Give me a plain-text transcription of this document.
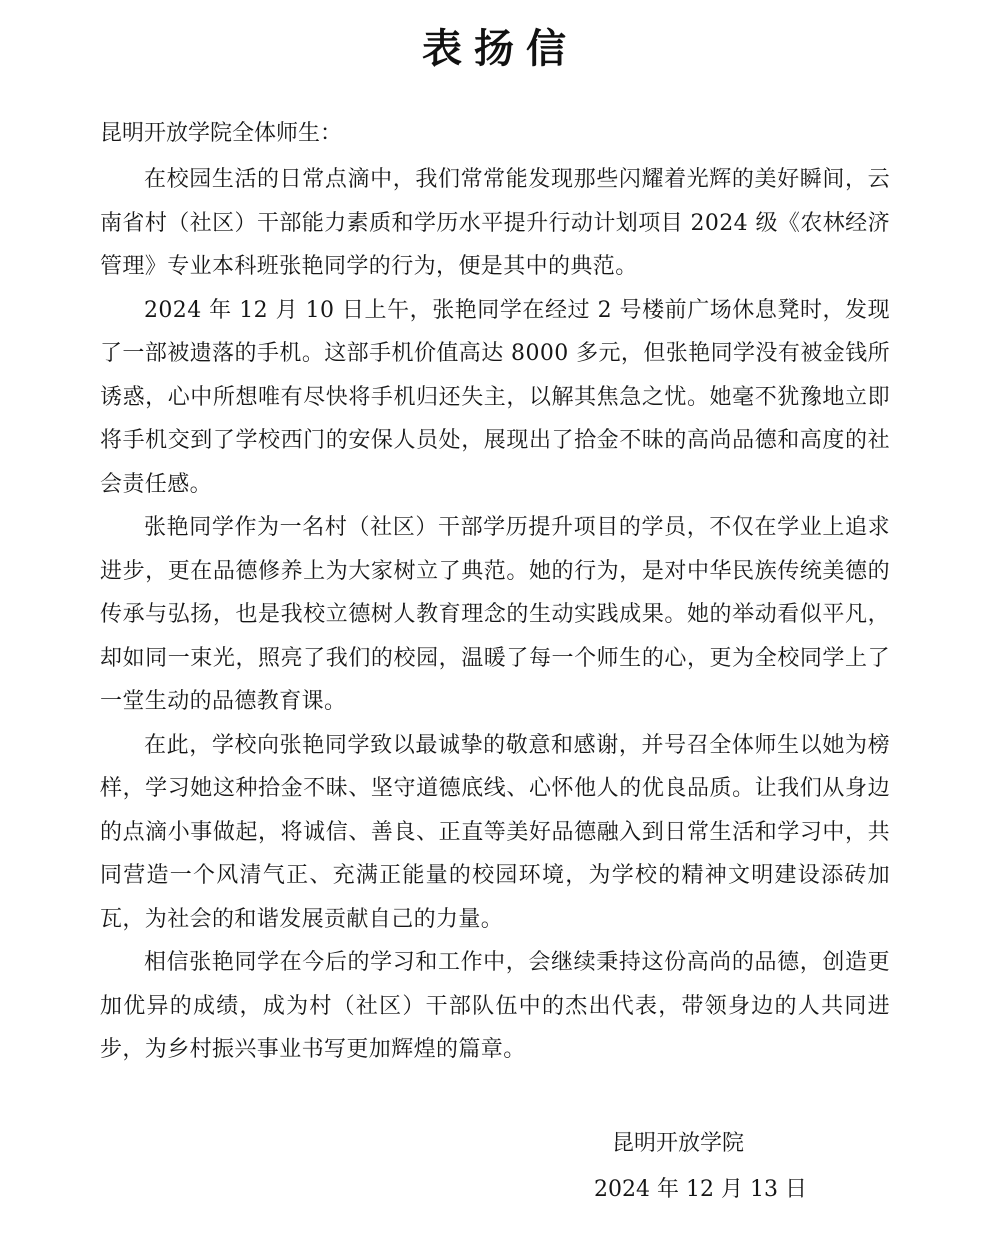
表扬信
昆明开放学院全体师生：

在校园生活的日常点滴中，我们常常能发现那些闪耀着光辉的美好瞬间，云南省村（社区）干部能力素质和学历水平提升行动计划项目 2024 级《农林经济管理》专业本科班张艳同学的行为，便是其中的典范。

2024 年 12 月 10 日上午，张艳同学在经过 2 号楼前广场休息凳时，发现了一部被遗落的手机。这部手机价值高达 8000 多元，但张艳同学没有被金钱所诱惑，心中所想唯有尽快将手机归还失主，以解其焦急之忧。她毫不犹豫地立即将手机交到了学校西门的安保人员处，展现出了拾金不昧的高尚品德和高度的社会责任感。

张艳同学作为一名村（社区）干部学历提升项目的学员，不仅在学业上追求进步，更在品德修养上为大家树立了典范。她的行为，是对中华民族传统美德的传承与弘扬，也是我校立德树人教育理念的生动实践成果。她的举动看似平凡，却如同一束光，照亮了我们的校园，温暖了每一个师生的心，更为全校同学上了一堂生动的品德教育课。

在此，学校向张艳同学致以最诚挚的敬意和感谢，并号召全体师生以她为榜样，学习她这种拾金不昧、坚守道德底线、心怀他人的优良品质。让我们从身边的点滴小事做起，将诚信、善良、正直等美好品德融入到日常生活和学习中，共同营造一个风清气正、充满正能量的校园环境，为学校的精神文明建设添砖加瓦，为社会的和谐发展贡献自己的力量。

相信张艳同学在今后的学习和工作中，会继续秉持这份高尚的品德，创造更加优异的成绩，成为村（社区）干部队伍中的杰出代表，带领身边的人共同进步，为乡村振兴事业书写更加辉煌的篇章。

昆明开放学院
2024 年 12 月 13 日
